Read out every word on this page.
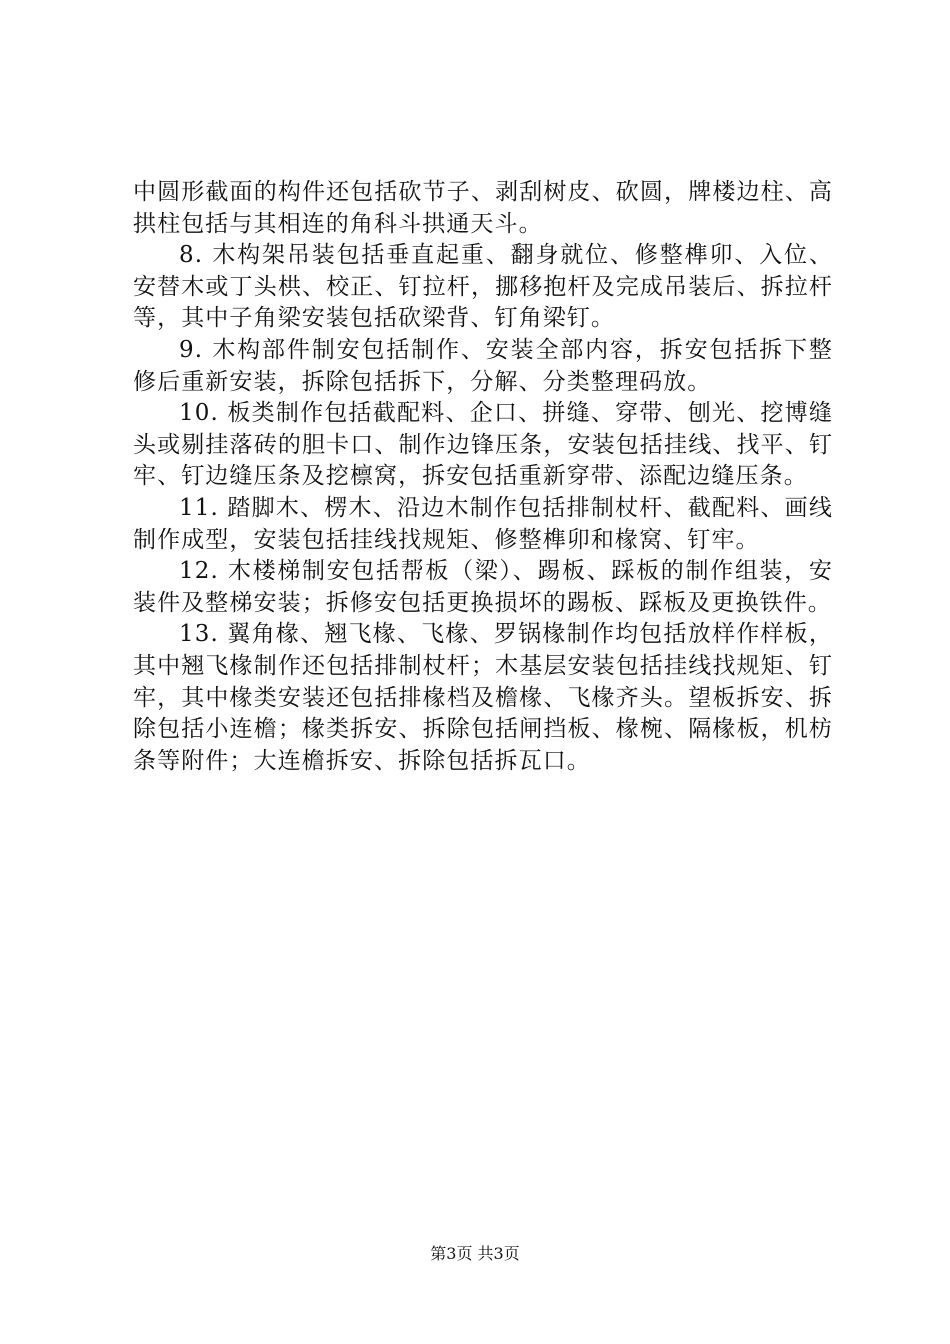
中圆形截面的构件还包括砍节子、剥刮树皮、砍圆，牌楼边柱、高拱柱包括与其相连的角科斗拱通天斗。

8. 木构架吊装包括垂直起重、翻身就位、修整榫卯、入位、安替木或丁头栱、校正、钉拉杆，挪移抱杆及完成吊装后、拆拉杆等，其中子角梁安装包括砍梁背、钉角梁钉。

9. 木构部件制安包括制作、安装全部内容，拆安包括拆下整修后重新安装，拆除包括拆下，分解、分类整理码放。

10. 板类制作包括截配料、企口、拼缝、穿带、刨光、挖博缝头或剔挂落砖的胆卡口、制作边锋压条，安装包括挂线、找平、钉牢、钉边缝压条及挖檩窝，拆安包括重新穿带、添配边缝压条。

11. 踏脚木、楞木、沿边木制作包括排制杖杆、截配料、画线制作成型，安装包括挂线找规矩、修整榫卯和椽窝、钉牢。

12. 木楼梯制安包括帮板（梁）、踢板、踩板的制作组装，安装件及整梯安装；拆修安包括更换损坏的踢板、踩板及更换铁件。

13. 翼角椽、翘飞椽、飞椽、罗锅椽制作均包括放样作样板，其中翘飞椽制作还包括排制杖杆；木基层安装包括挂线找规矩、钉牢，其中椽类安装还包括排椽档及檐椽、飞椽齐头。望板拆安、拆除包括小连檐；椽类拆安、拆除包括闸挡板、椽椀、隔椽板，机枋条等附件；大连檐拆安、拆除包括拆瓦口。

第3页 共3页
